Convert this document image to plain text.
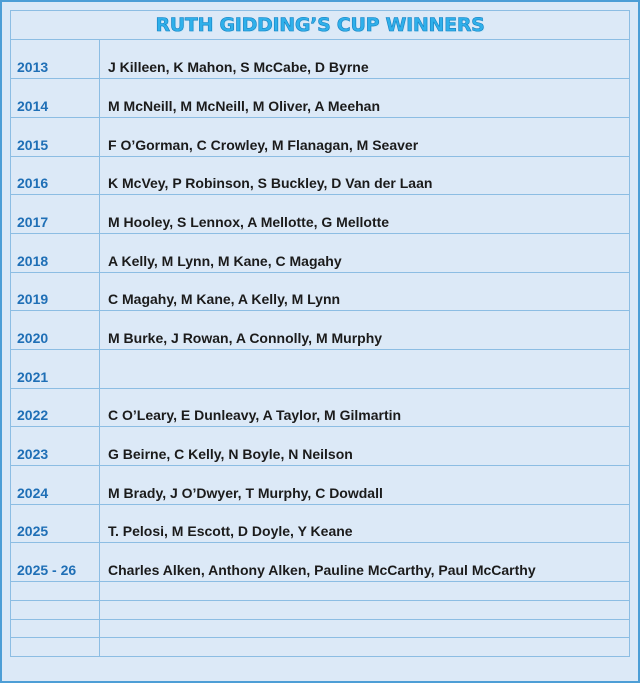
RUTH GIDDING’S CUP WINNERS
2013	J Killeen, K Mahon, S McCabe, D Byrne
2014	M McNeill, M McNeill, M Oliver, A Meehan
2015	F O’Gorman, C Crowley, M Flanagan, M Seaver
2016	K McVey, P Robinson, S Buckley, D Van der Laan
2017	M Hooley, S Lennox, A Mellotte, G Mellotte
2018	A Kelly, M Lynn, M Kane, C Magahy
2019	C Magahy, M Kane, A Kelly, M Lynn
2020	M Burke, J Rowan, A Connolly, M Murphy
2021	
2022	C O’Leary, E Dunleavy, A Taylor, M Gilmartin
2023	G Beirne, C Kelly, N Boyle, N Neilson
2024	M Brady, J O’Dwyer, T Murphy, C Dowdall
2025	T. Pelosi, M Escott, D Doyle, Y Keane
2025 - 26	Charles Alken, Anthony Alken, Pauline McCarthy, Paul McCarthy
